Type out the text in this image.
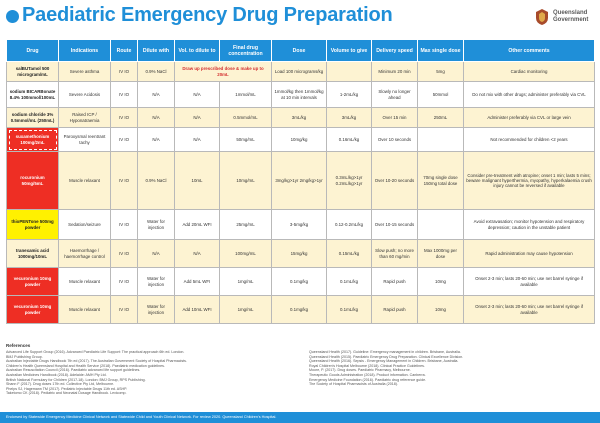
Paediatric Emergency Drug Preparation	Queensland
Government
Drug	Indications	Route	Dilute with	Vol. to dilute to	Final drug concentration	Dose	Volume to give	Delivery speed	Max single dose	Other comments
salBUTamol 500 microgram/mL	Severe asthma	IV IO	0.9% NaCl	Draw up prescribed dose & make up to 20mL		Load 100 micrograms/kg		Minimum 20 min	5mg	Cardiac monitoring
sodium BICARBonate 8.4% 100mmol/100mL	Severe Acidosis	IV IO	N/A	N/A	1mmol/mL	1mmol/kg then 1mmol/kg at 10 min intervals	1-2mL/kg	Slowly no longer ahead	50mmol	Do not mix with other drugs; administer preferably via CVL
sodium chloride 3% 0.5mmol/mL (250mL)	Raised ICP / Hyponatraemia	IV IO	N/A	N/A	0.5mmol/mL	3mL/kg	3mL/kg	Over 15 min	250mL	Administer preferably via CVL or large vein
suxamethonium 100mg/2mL	Paroxysmal reentrant tachy	IV IO	N/A	N/A	50mg/mL	10mg/kg	0.16mL/kg	Over 10 seconds		Not recommended for children <2 years
rocuronium 50mg/5mL	Muscle relaxant	IV IO	0.9% NaCl	10mL	10mg/mL	3mg/kg>1yr 2mg/kg>1yr	0.3mL/kg>1yr 0.2mL/kg>1yr	Over 10-20 seconds	70mg single dose 150mg total dose	Consider pre-treatment with atropine; onset 1 min; lasts 5 mins; beware malignant hyperthermia, myopathy, hyperkalaemia crush injury cannot be reversed if available
thioPENTone 500mg powder	Sedation/seizure	IV IO	Water for injection	Add 20mL WFI	25mg/mL	3-5mg/kg	0.12-0.2mL/kg	Over 10-15 seconds		Avoid extravasation; monitor hypotension and respiratory depression; caution in the unstable patient
tranexamic acid 1000mg/10mL	Haemorrhage / haemorrhage control	IV IO	N/A	N/A	100mg/mL	15mg/kg	0.15mL/kg	Slow push; no more than 60 mg/min	Max 1000mg per dose	Rapid administration may cause hypotension
vecuronium 10mg powder	Muscle relaxant	IV IO	Water for injection	Add 5mL WFI	1mg/mL	0.1mg/kg	0.1mL/kg	Rapid push	10mg	Onset 2-3 min; lasts 20-60 min; use net barrel syringe if available
vecuronium 10mg powder	Muscle relaxant	IV IO	Water for injection	Add 10mL WFI	1mg/mL	0.1mg/kg	0.1mL/kg	Rapid push	10mg	Onset 2-3 min; lasts 20-60 min; use net barrel syringe if available
References
Advanced Life Support Group (2016). Advanced Paediatric Life Support: The practical approach 6th ed. London.
BMJ Publishing Group.
Australian Injectable Drugs Handbook 7th ed (2017). The Australian Government Society of Hospital Pharmacists.
Children's Health Queensland Hospital and Health Service (2018). Paediatric medication guidelines.
Australian Resuscitation Council (2016). Paediatric advanced life support guidelines.
Australian Medicines Handbook (2018). Adelaide: AMH Pty Ltd.
British National Formulary for Children (2017-18). London: BMJ Group, RPS Publishing.
Shann F (2017). Drug doses 17th ed. Collective Pty Ltd, Melbourne.
Phelps SJ, Hagemann TM (2017). Pediatric Injectable Drugs 11th ed. ASHP.
Taketomo CK (2018). Pediatric and Neonatal Dosage Handbook. Lexicomp.
Queensland Health (2017). Guideline: Emergency management in children. Brisbane, Australia.
Queensland Health (2015). Paediatric Emergency Drug Preparation. Clinical Excellence Division.
Queensland Health (2016). Sepsis - Emergency Management in Children. Brisbane, Australia.
Royal Children's Hospital Melbourne (2018). Clinical Practice Guidelines.
Moore, P. (2017). Drug doses. Paediatric Pharmacy, Melbourne.
Therapeutic Goods Administration (2018). Product information. Canberra.
Emergency Medicine Foundation (2016). Paediatric drug reference guide.
The Society of Hospital Pharmacists of Australia (2018).
Endorsed by Statewide Emergency Medicine Clinical Network and Statewide Child and Youth Clinical Network. For review 2020. Queensland Children's Hospital.
